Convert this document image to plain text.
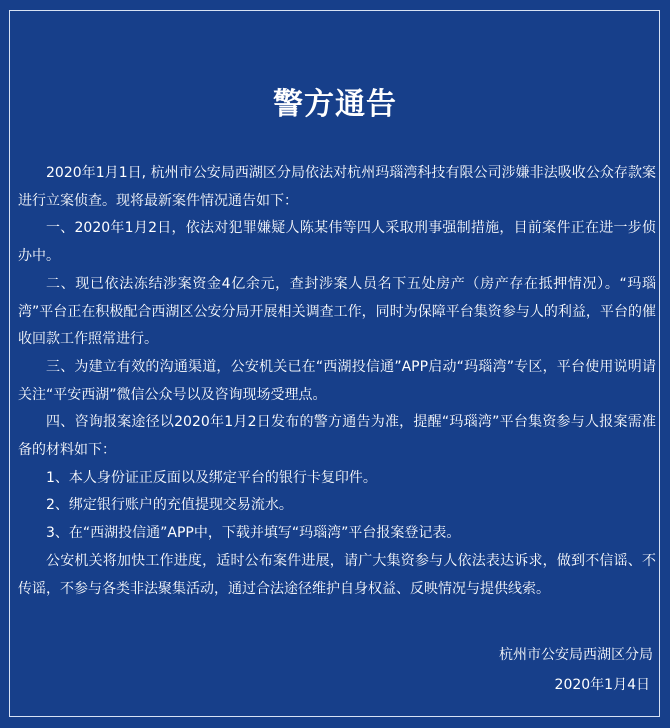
警方通告

2020年1月1日, 杭州市公安局西湖区分局依法对杭州玛瑙湾科技有限公司涉嫌非法吸收公众存款案进行立案侦查。现将最新案件情况通告如下：

一、2020年1月2日，依法对犯罪嫌疑人陈某伟等四人采取刑事强制措施，目前案件正在进一步侦办中。

二、现已依法冻结涉案资金4亿余元，查封涉案人员名下五处房产（房产存在抵押情况）。“玛瑙湾”平台正在积极配合西湖区公安分局开展相关调查工作，同时为保障平台集资参与人的利益，平台的催收回款工作照常进行。

三、为建立有效的沟通渠道，公安机关已在“西湖投信通”APP启动“玛瑙湾”专区，平台使用说明请关注“平安西湖”微信公众号以及咨询现场受理点。

四、咨询报案途径以2020年1月2日发布的警方通告为准，提醒“玛瑙湾”平台集资参与人报案需准备的材料如下：

1、本人身份证正反面以及绑定平台的银行卡复印件。

2、绑定银行账户的充值提现交易流水。

3、在“西湖投信通”APP中，下载并填写“玛瑙湾”平台报案登记表。

公安机关将加快工作进度，适时公布案件进展，请广大集资参与人依法表达诉求，做到不信谣、不传谣，不参与各类非法聚集活动，通过合法途径维护自身权益、反映情况与提供线索。

杭州市公安局西湖区分局
2020年1月4日
